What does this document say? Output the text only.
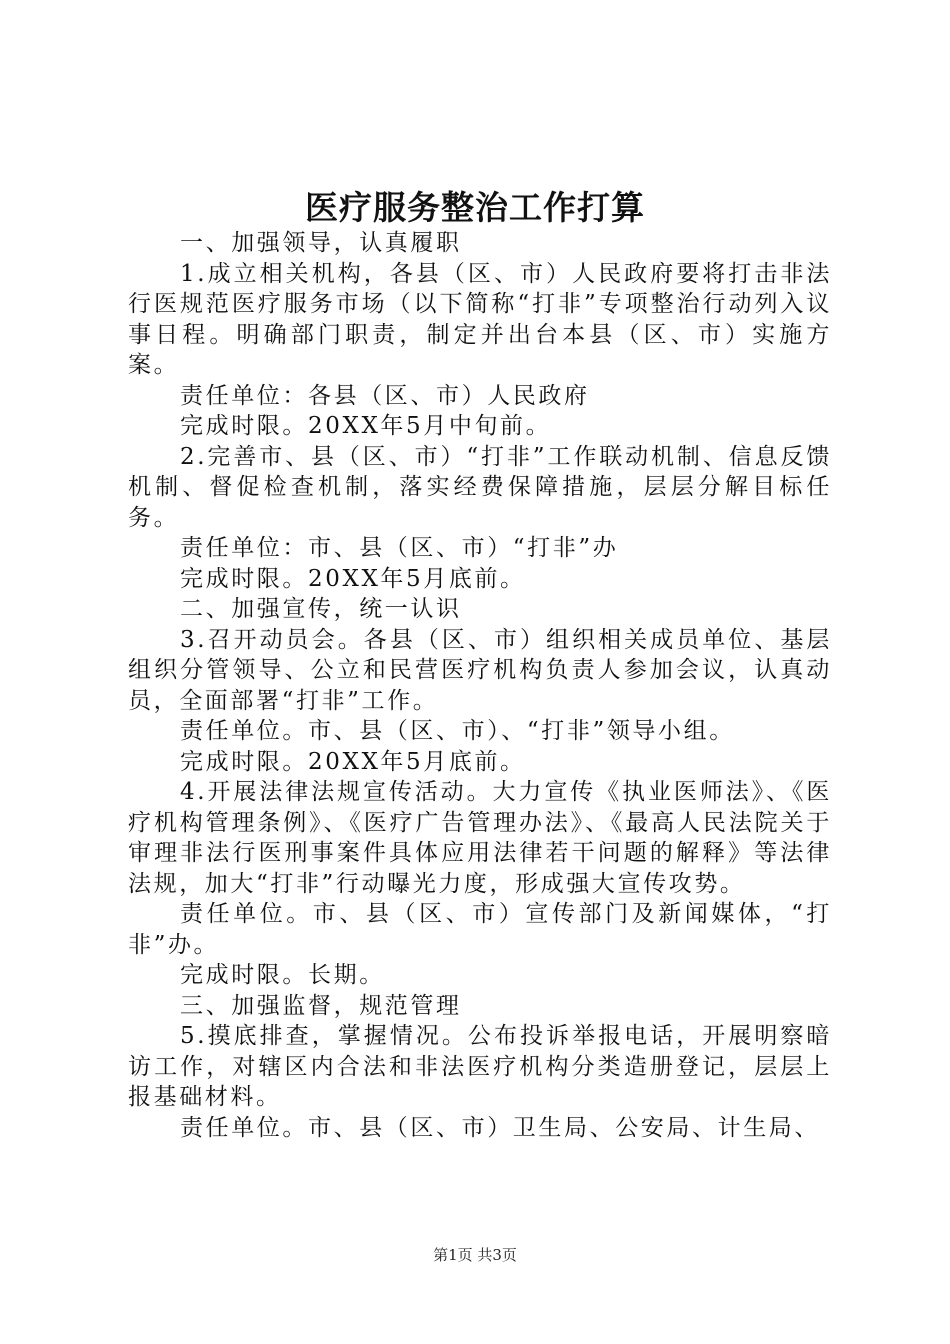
医疗服务整治工作打算

一、加强领导，认真履职

1.成立相关机构，各县（区、市）人民政府要将打击非法行医规范医疗服务市场（以下简称“打非”专项整治行动列入议事日程。明确部门职责，制定并出台本县（区、市）实施方案。

责任单位：各县（区、市）人民政府

完成时限。20XX年5月中旬前。

2.完善市、县（区、市）“打非”工作联动机制、信息反馈机制、督促检查机制，落实经费保障措施，层层分解目标任务。

责任单位：市、县（区、市）“打非”办

完成时限。20XX年5月底前。

二、加强宣传，统一认识

3.召开动员会。各县（区、市）组织相关成员单位、基层组织分管领导、公立和民营医疗机构负责人参加会议，认真动员，全面部署“打非”工作。

责任单位。市、县（区、市）、“打非”领导小组。

完成时限。20XX年5月底前。

4.开展法律法规宣传活动。大力宣传《执业医师法》、《医疗机构管理条例》、《医疗广告管理办法》、《最高人民法院关于审理非法行医刑事案件具体应用法律若干问题的解释》等法律法规，加大“打非”行动曝光力度，形成强大宣传攻势。

责任单位。市、县（区、市）宣传部门及新闻媒体，“打非”办。

完成时限。长期。

三、加强监督，规范管理

5.摸底排查，掌握情况。公布投诉举报电话，开展明察暗访工作，对辖区内合法和非法医疗机构分类造册登记，层层上报基础材料。

责任单位。市、县（区、市）卫生局、公安局、计生局、

第1页 共3页
